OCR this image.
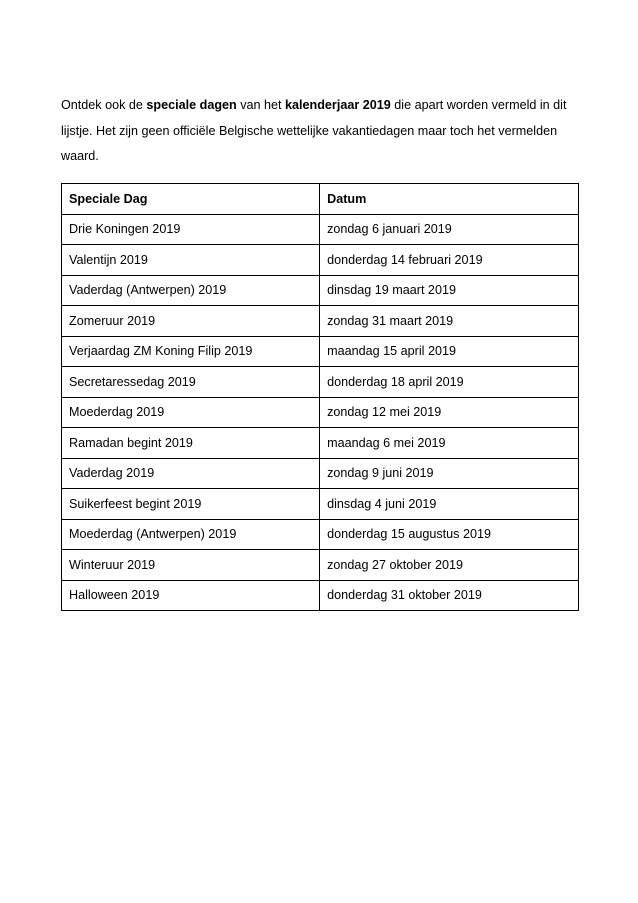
Ontdek ook de speciale dagen van het kalenderjaar 2019 die apart worden vermeld in dit lijstje. Het zijn geen officiële Belgische wettelijke vakantiedagen maar toch het vermelden waard.

Speciale Dag	Datum
Drie Koningen 2019	zondag 6 januari 2019
Valentijn 2019	donderdag 14 februari 2019
Vaderdag (Antwerpen) 2019	dinsdag 19 maart 2019
Zomeruur 2019	zondag 31 maart 2019
Verjaardag ZM Koning Filip 2019	maandag 15 april 2019
Secretaressedag 2019	donderdag 18 april 2019
Moederdag 2019	zondag 12 mei 2019
Ramadan begint 2019	maandag 6 mei 2019
Vaderdag 2019	zondag 9 juni 2019
Suikerfeest begint 2019	dinsdag 4 juni 2019
Moederdag (Antwerpen) 2019	donderdag 15 augustus 2019
Winteruur 2019	zondag 27 oktober 2019
Halloween 2019	donderdag 31 oktober 2019
